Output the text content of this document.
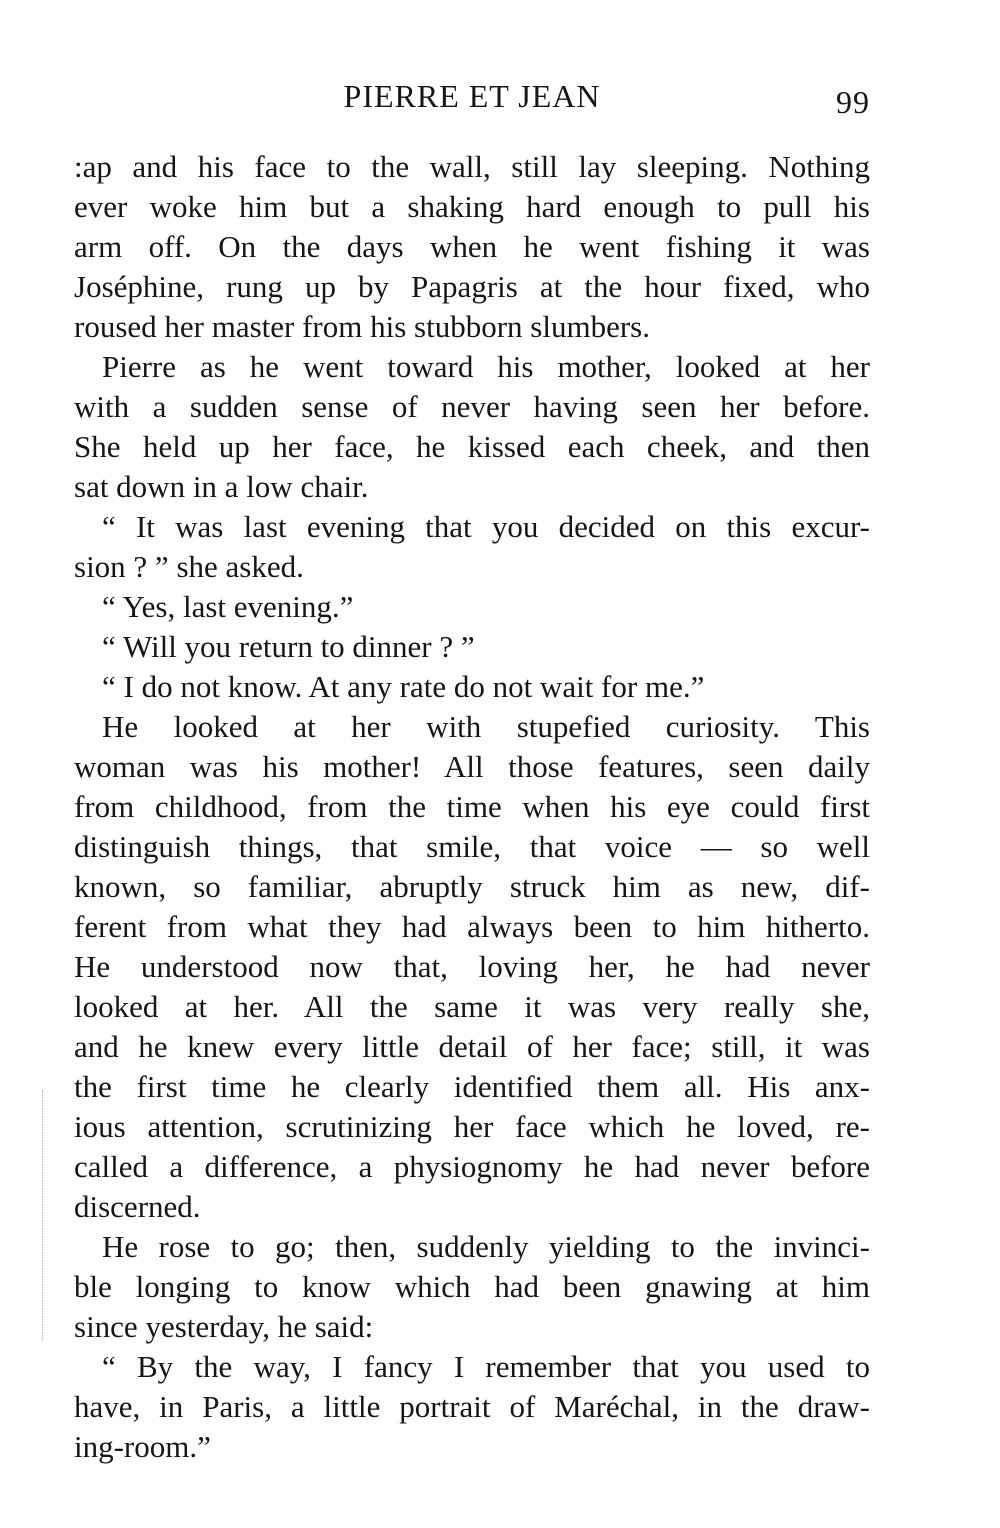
PIERRE ET JEAN	99
:ap and his face to the wall, still lay sleeping. Nothing
ever woke him but a shaking hard enough to pull his
arm off. On the days when he went fishing it was
Joséphine, rung up by Papagris at the hour fixed, who
roused her master from his stubborn slumbers.
Pierre as he went toward his mother, looked at her
with a sudden sense of never having seen her before.
She held up her face, he kissed each cheek, and then
sat down in a low chair.
“ It was last evening that you decided on this excur-
sion ? ” she asked.
“ Yes, last evening.”
“ Will you return to dinner ? ”
“ I do not know. At any rate do not wait for me.”
He looked at her with stupefied curiosity. This
woman was his mother! All those features, seen daily
from childhood, from the time when his eye could first
distinguish things, that smile, that voice — so well
known, so familiar, abruptly struck him as new, dif-
ferent from what they had always been to him hitherto.
He understood now that, loving her, he had never
looked at her. All the same it was very really she,
and he knew every little detail of her face; still, it was
the first time he clearly identified them all. His anx-
ious attention, scrutinizing her face which he loved, re-
called a difference, a physiognomy he had never before
discerned.
He rose to go; then, suddenly yielding to the invinci-
ble longing to know which had been gnawing at him
since yesterday, he said:
“ By the way, I fancy I remember that you used to
have, in Paris, a little portrait of Maréchal, in the draw-
ing-room.”
